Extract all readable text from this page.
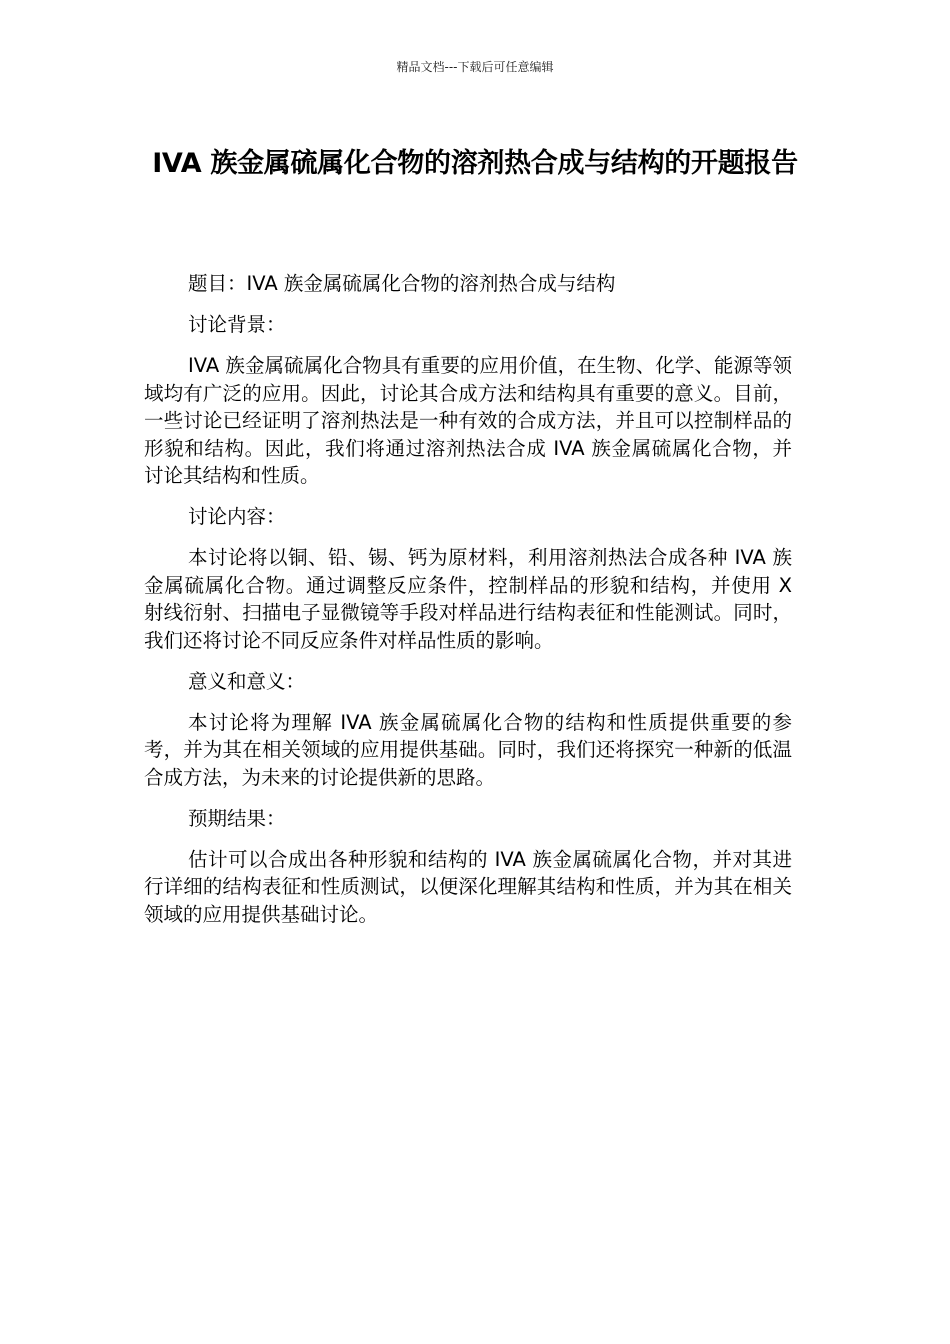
精品文档---下载后可任意编辑
IVA 族金属硫属化合物的溶剂热合成与结构的开题报告

题目：IVA 族金属硫属化合物的溶剂热合成与结构

讨论背景：

IVA 族金属硫属化合物具有重要的应用价值，在生物、化学、能源等领域均有广泛的应用。因此，讨论其合成方法和结构具有重要的意义。目前，一些讨论已经证明了溶剂热法是一种有效的合成方法，并且可以控制样品的形貌和结构。因此，我们将通过溶剂热法合成 IVA 族金属硫属化合物，并讨论其结构和性质。

讨论内容：

本讨论将以铜、铅、锡、钙为原材料，利用溶剂热法合成各种 IVA 族金属硫属化合物。通过调整反应条件，控制样品的形貌和结构，并使用 X 射线衍射、扫描电子显微镜等手段对样品进行结构表征和性能测试。同时，我们还将讨论不同反应条件对样品性质的影响。

意义和意义：

本讨论将为理解 IVA 族金属硫属化合物的结构和性质提供重要的参考，并为其在相关领域的应用提供基础。同时，我们还将探究一种新的低温合成方法，为未来的讨论提供新的思路。

预期结果：

估计可以合成出各种形貌和结构的 IVA 族金属硫属化合物，并对其进行详细的结构表征和性质测试，以便深化理解其结构和性质，并为其在相关领域的应用提供基础讨论。
